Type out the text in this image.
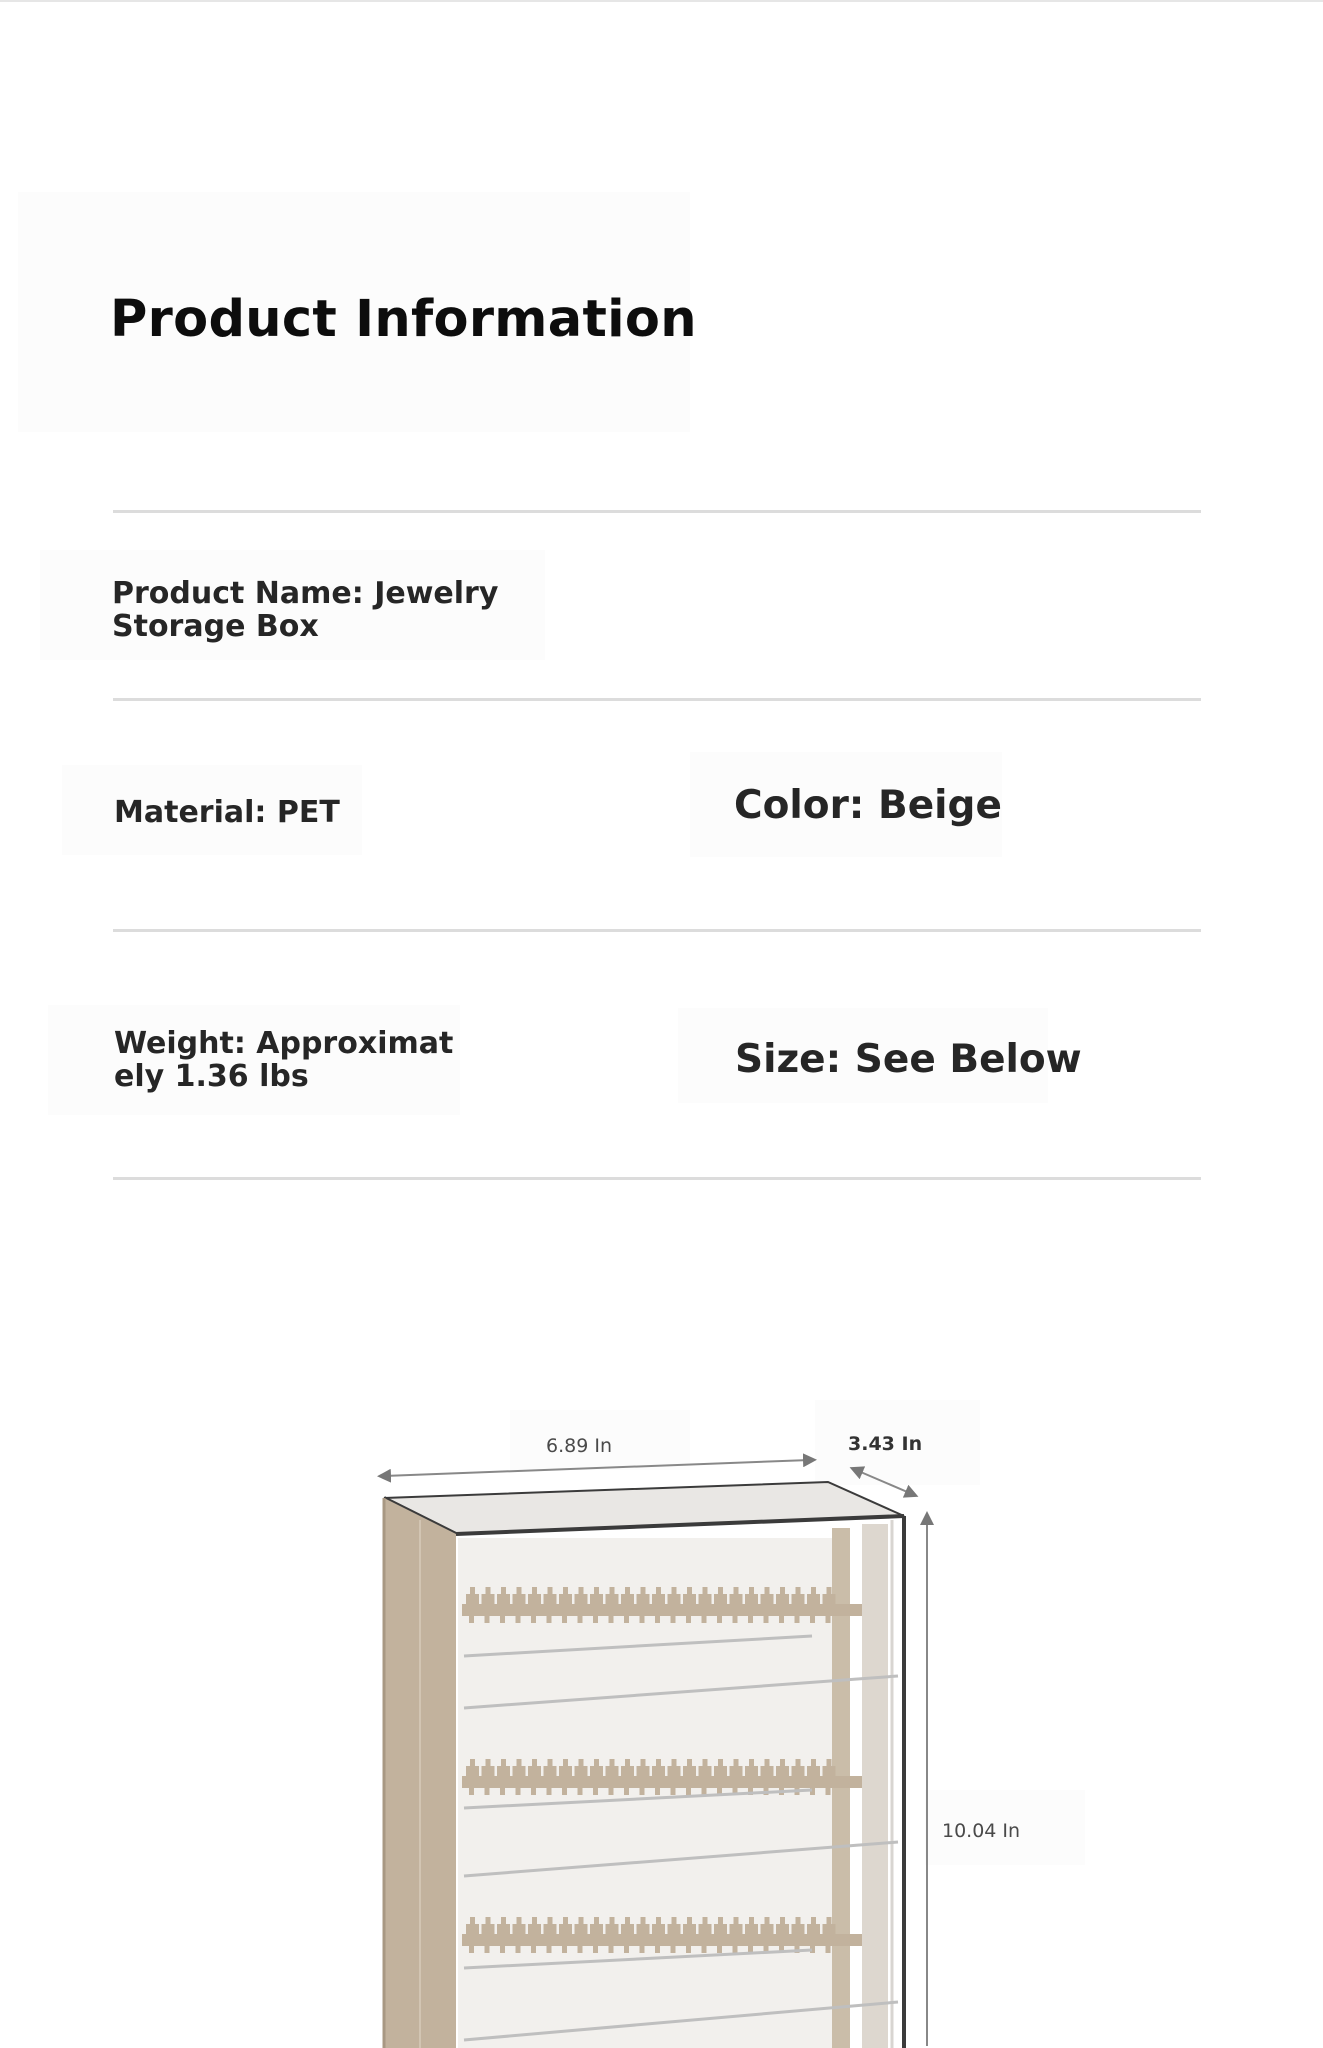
Product Information

Product Name: Jewelry Storage Box

Material: PET	Color: Beige

Weight: Approximately 1.36 lbs	Size: See Below

6.89 In	3.43 In
10.04 In
